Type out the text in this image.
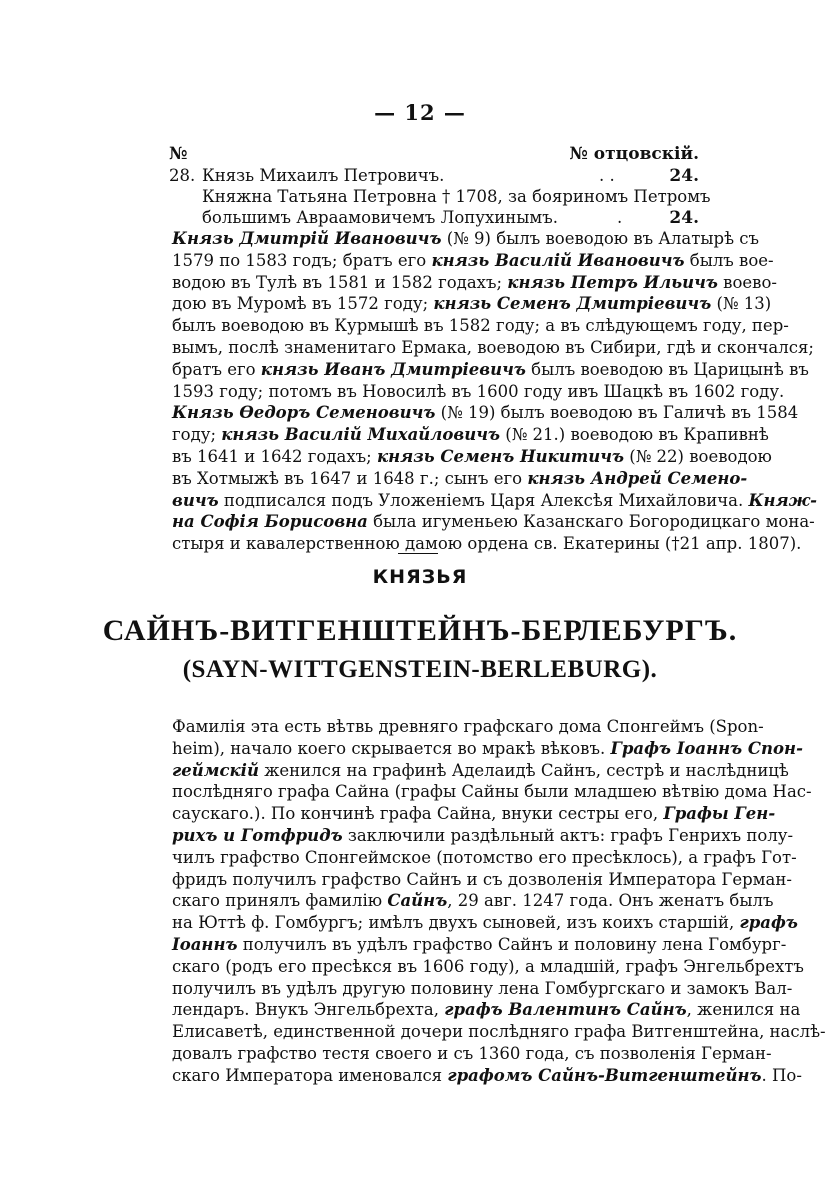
— 12 —
№	№ отцовскій.
28. Князь Михаилъ Петровичъ.	. .	24.
Княжна Татьяна Петровна † 1708, за бояриномъ Петромъ
большимъ Авраамовичемъ Лопухинымъ.	.	24.
Князь Дмитрій Ивановичъ (№ 9) былъ воеводою въ Алатырѣ съ
1579 по 1583 годъ; братъ его князь Василій Ивановичъ былъ вое-
водою въ Тулѣ въ 1581 и 1582 годахъ; князь Петръ Ильичъ воево-
дою въ Муромѣ въ 1572 году; князь Семенъ Дмитріевичъ (№ 13)
былъ воеводою въ Курмышѣ въ 1582 году; а въ слѣдующемъ году, пер-
вымъ, послѣ знаменитаго Ермака, воеводою въ Сибири, гдѣ и скончался;
братъ его князь Иванъ Дмитріевичъ былъ воеводою въ Царицынѣ въ
1593 году; потомъ въ Новосилѣ въ 1600 году ивъ Шацкѣ въ 1602 году.
Князь Ѳедоръ Семеновичъ (№ 19) былъ воеводою въ Галичѣ въ 1584
году; князь Василій Михайловичъ (№ 21.) воеводою въ Крапивнѣ
въ 1641 и 1642 годахъ; князь Семенъ Никитичъ (№ 22) воеводою
въ Хотмыжѣ въ 1647 и 1648 г.; сынъ его князь Андрей Семено-
вичъ подписался подъ Уложеніемъ Царя Алексѣя Михайловича. Княж-
на Софія Борисовна была игуменьею Казанскаго Богородицкаго мона-
стыря и кавалерственною дамою ордена св. Екатерины (†21 апр. 1807).
КНЯЗЬЯ
САЙНЪ-ВИТГЕНШТЕЙНЪ-БЕРЛЕБУРГЪ.
(SAYN-WITTGENSTEIN-BERLEBURG).
Фамилія эта есть вѣтвь древняго графскаго дома Спонгеймъ (Spon-
heim), начало коего скрывается во мракѣ вѣковъ. Графъ Іоаннъ Спон-
геймскій женился на графинѣ Аделаидѣ Сайнъ, сестрѣ и наслѣдницѣ
послѣдняго графа Сайна (графы Сайны были младшею вѣтвію дома Нас-
саускаго.). По кончинѣ графа Сайна, внуки сестры его, Графы Ген-
рихъ и Готфридъ заключили раздѣльный актъ: графъ Генрихъ полу-
чилъ графство Спонгеймское (потомство его пресѣклось), а графъ Гот-
фридъ получилъ графство Сайнъ и съ дозволенія Императора Герман-
скаго принялъ фамилію Сайнъ, 29 авг. 1247 года. Онъ женатъ былъ
на Юттѣ ф. Гомбургъ; имѣлъ двухъ сыновей, изъ коихъ старшій, графъ
Іоаннъ получилъ въ удѣлъ графство Сайнъ и половину лена Гомбург-
скаго (родъ его пресѣкся въ 1606 году), а младшій, графъ Энгельбрехтъ
получилъ въ удѣлъ другую половину лена Гомбургскаго и замокъ Вал-
лендаръ. Внукъ Энгельбрехта, графъ Валентинъ Сайнъ, женился на
Елисаветѣ, единственной дочери послѣдняго графа Витгенштейна, наслѣ-
довалъ графство тестя своего и съ 1360 года, съ позволенія Герман-
скаго Императора именовался графомъ Сайнъ-Витгенштейнъ. По-
